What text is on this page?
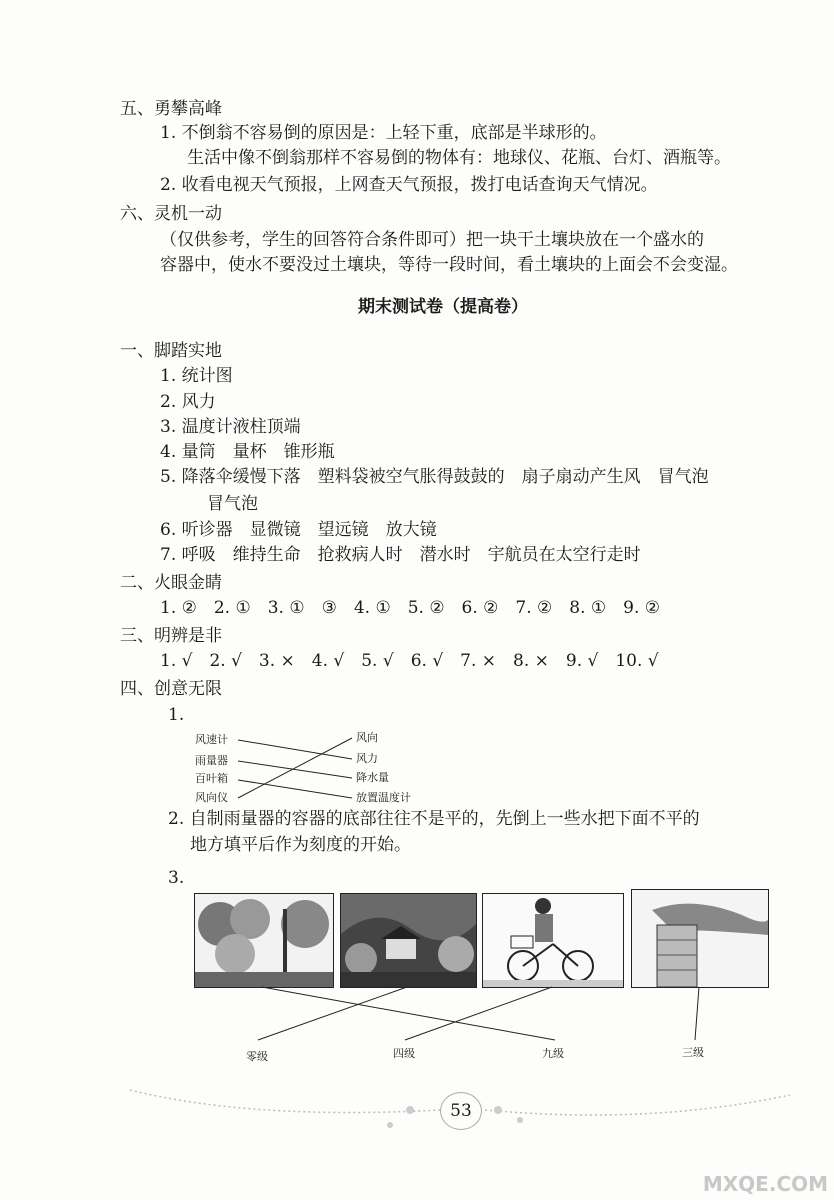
五、勇攀高峰
1. 不倒翁不容易倒的原因是：上轻下重，底部是半球形的。
生活中像不倒翁那样不容易倒的物体有：地球仪、花瓶、台灯、酒瓶等。
2. 收看电视天气预报，上网查天气预报，拨打电话查询天气情况。
六、灵机一动
（仅供参考，学生的回答符合条件即可）把一块干土壤块放在一个盛水的
容器中，使水不要没过土壤块，等待一段时间，看土壤块的上面会不会变湿。
期末测试卷（提高卷）
一、脚踏实地
1. 统计图
2. 风力
3. 温度计液柱顶端
4. 量筒　量杯　锥形瓶
5. 降落伞缓慢下落　塑料袋被空气胀得鼓鼓的　扇子扇动产生风　冒气泡
冒气泡
6. 听诊器　显微镜　望远镜　放大镜
7. 呼吸　维持生命　抢救病人时　潜水时　宇航员在太空行走时
二、火眼金睛
1. ②　2. ①　3. ①　③　4. ①　5. ②　6. ②　7. ②　8. ①　9. ②
三、明辨是非
1. √　2. √　3. ×　4. √　5. √　6. √　7. ×　8. ×　9. √　10. √
四、创意无限
1.
风速计
雨量器
百叶箱
风向仪
风向
风力
降水量
放置温度计
2. 自制雨量器的容器的底部往往不是平的，先倒上一些水把下面不平的
地方填平后作为刻度的开始。
3.
零级	四级	九级	三级
53
MXQE.COM
